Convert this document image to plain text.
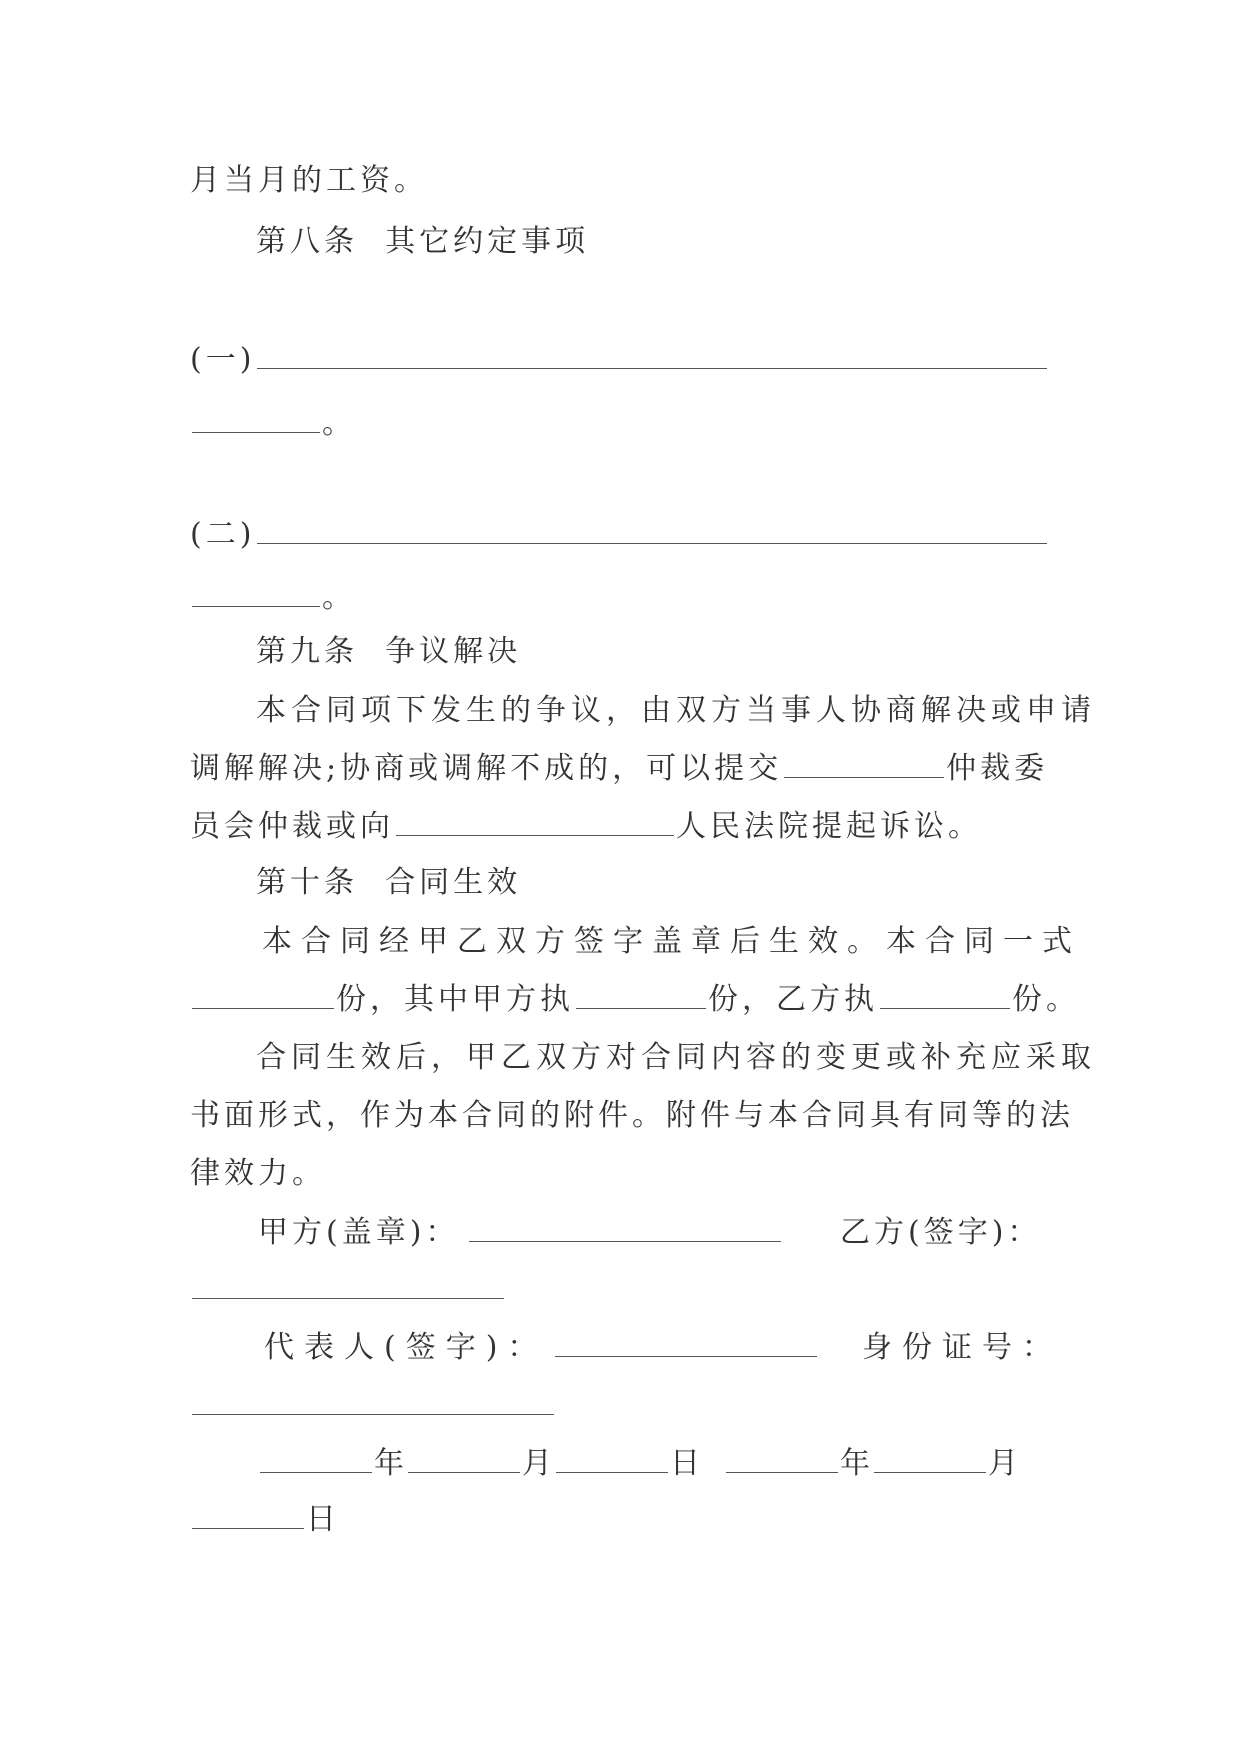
月当月的工资。
第八条  其它约定事项
(一)
。
(二)
。
第九条  争议解决
本合同项下发生的争议，由双方当事人协商解决或申请
调解解决;协商或调解不成的，可以提交	仲裁委
员会仲裁或向	人民法院提起诉讼。
第十条  合同生效
本合同经甲乙双方签字盖章后生效。本合同一式
份，其中甲方执	份，乙方执	份。
合同生效后，甲乙双方对合同内容的变更或补充应采取
书面形式，作为本合同的附件。附件与本合同具有同等的法
律效力。
甲方(盖章)：	乙方(签字)：
代表人(签字)：	身份证号：
年	月	日	年	月
日
